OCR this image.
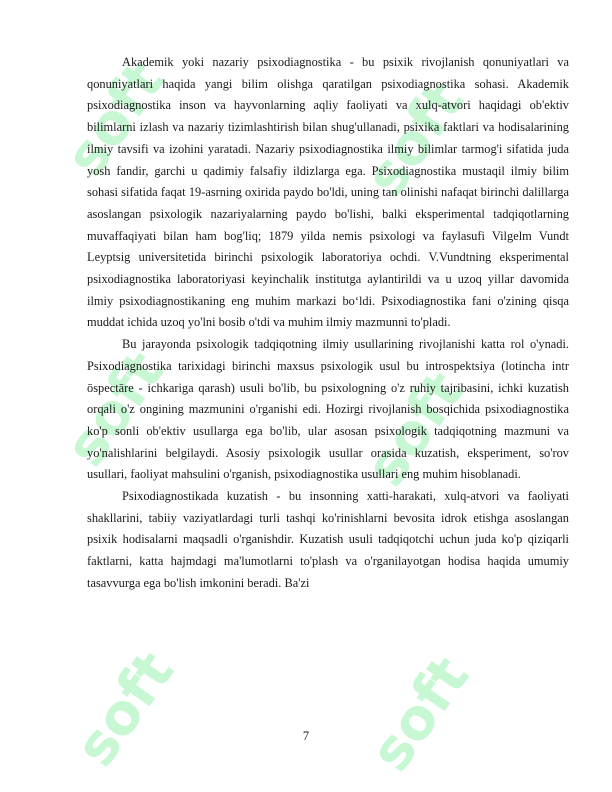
soft	soft
soft	soft
soft	soft

Akademik yoki nazariy psixodiagnostika - bu psixik rivojlanish qonuniyatlari va qonuniyatlari haqida yangi bilim olishga qaratilgan psixodiagnostika sohasi. Akademik psixodiagnostika inson va hayvonlarning aqliy faoliyati va xulq-atvori haqidagi ob'ektiv bilimlarni izlash va nazariy tizimlashtirish bilan shug'ullanadi, psixika faktlari va hodisalarining ilmiy tavsifi va izohini yaratadi. Nazariy psixodiagnostika ilmiy bilimlar tarmog'i sifatida juda yosh fandir, garchi u qadimiy falsafiy ildizlarga ega. Psixodiagnostika mustaqil ilmiy bilim sohasi sifatida faqat 19-asrning oxirida paydo bo'ldi, uning tan olinishi nafaqat birinchi dalillarga asoslangan psixologik nazariyalarning paydo bo'lishi, balki eksperimental tadqiqotlarning muvaffaqiyati bilan ham bog'liq; 1879 yilda nemis psixologi va faylasufi Vilgelm Vundt Leyptsig universitetida birinchi psixologik laboratoriya ochdi. V.Vundtning eksperimental psixodiagnostika laboratoriyasi keyinchalik institutga aylantirildi va u uzoq yillar davomida ilmiy psixodiagnostikaning eng muhim markazi bo‘ldi. Psixodiagnostika fani o'zining qisqa muddat ichida uzoq yo'lni bosib o'tdi va muhim ilmiy mazmunni to'pladi.

Bu jarayonda psixologik tadqiqotning ilmiy usullarining rivojlanishi katta rol o'ynadi. Psixodiagnostika tarixidagi birinchi maxsus psixologik usul bu introspektsiya (lotincha intr ōspectāre - ichkariga qarash) usuli bo'lib, bu psixologning o'z ruhiy tajribasini, ichki kuzatish orqali o'z ongining mazmunini o'rganishi edi. Hozirgi rivojlanish bosqichida psixodiagnostika ko'p sonli ob'ektiv usullarga ega bo'lib, ular asosan psixologik tadqiqotning mazmuni va yo'nalishlarini belgilaydi. Asosiy psixologik usullar orasida kuzatish, eksperiment, so'rov usullari, faoliyat mahsulini o'rganish, psixodiagnostika usullari eng muhim hisoblanadi.

Psixodiagnostikada kuzatish - bu insonning xatti-harakati, xulq-atvori va faoliyati shakllarini, tabiiy vaziyatlardagi turli tashqi ko'rinishlarni bevosita idrok etishga asoslangan psixik hodisalarni maqsadli o'rganishdir. Kuzatish usuli tadqiqotchi uchun juda ko'p qiziqarli faktlarni, katta hajmdagi ma'lumotlarni to'plash va o'rganilayotgan hodisa haqida umumiy tasavvurga ega bo'lish imkonini beradi. Ba'zi

7
